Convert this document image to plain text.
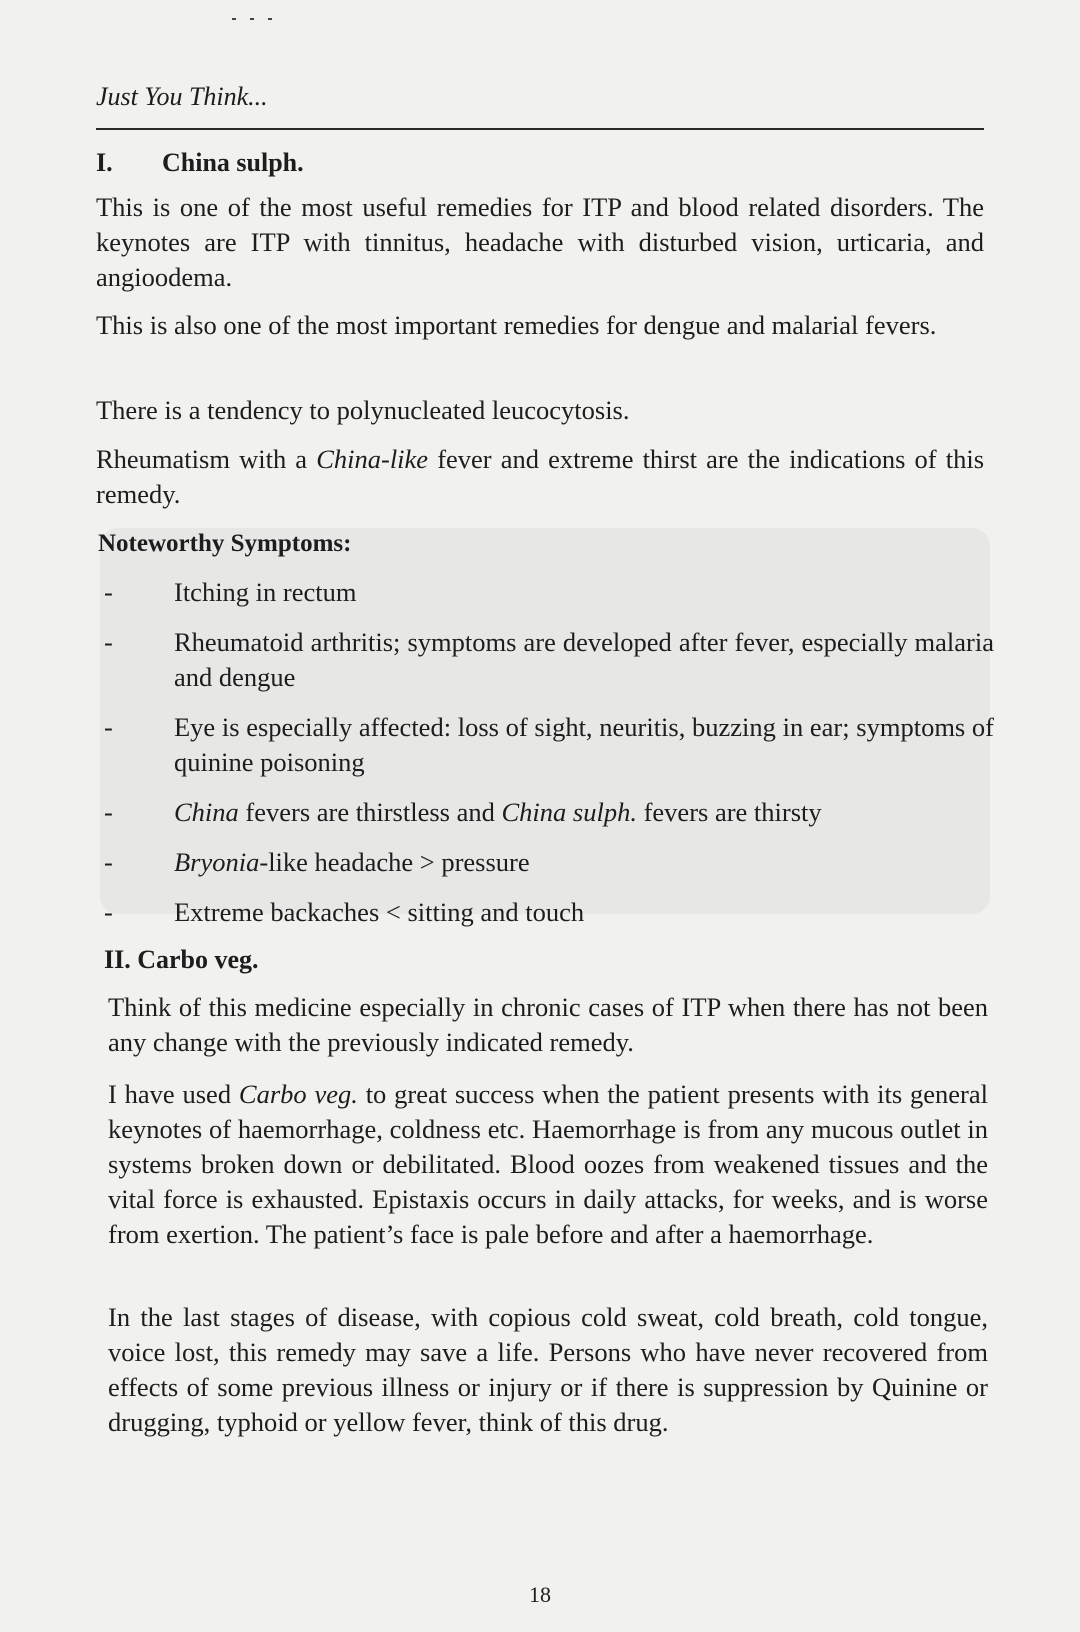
Just You Think...
I. China sulph.
This is one of the most useful remedies for ITP and blood related disorders. The keynotes are ITP with tinnitus, headache with disturbed vision, urticaria, and angioodema.
This is also one of the most important remedies for dengue and malarial fevers.
There is a tendency to polynucleated leucocytosis.
Rheumatism with a China-like fever and extreme thirst are the indications of this remedy.
Noteworthy Symptoms:
- Itching in rectum
- Rheumatoid arthritis; symptoms are developed after fever, especially malaria and dengue
- Eye is especially affected: loss of sight, neuritis, buzzing in ear; symptoms of quinine poisoning
- China fevers are thirstless and China sulph. fevers are thirsty
- Bryonia-like headache > pressure
- Extreme backaches < sitting and touch
II. Carbo veg.
Think of this medicine especially in chronic cases of ITP when there has not been any change with the previously indicated remedy.
I have used Carbo veg. to great success when the patient presents with its general keynotes of haemorrhage, coldness etc. Haemorrhage is from any mucous outlet in systems broken down or debilitated. Blood oozes from weakened tissues and the vital force is exhausted. Epistaxis occurs in daily attacks, for weeks, and is worse from exertion. The patient’s face is pale before and after a haemorrhage.
In the last stages of disease, with copious cold sweat, cold breath, cold tongue, voice lost, this remedy may save a life. Persons who have never recovered from effects of some previous illness or injury or if there is suppression by Quinine or drugging, typhoid or yellow fever, think of this drug.
18
